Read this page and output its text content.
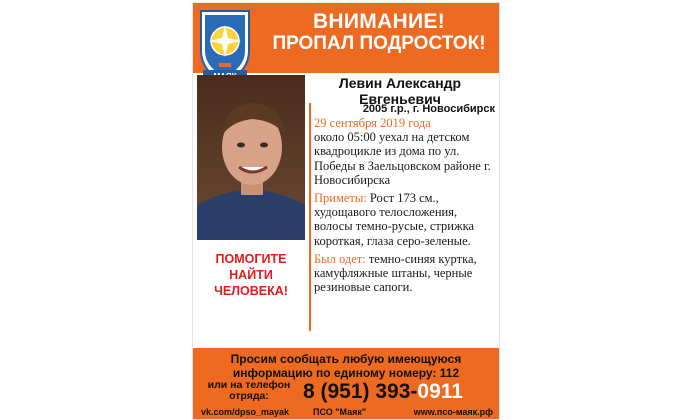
ВНИМАНИЕ!
ПРОПАЛ ПОДРОСТОК!
Левин Александр
Евгеньевич
2005 г.р., г. Новосибирск

29 сентября 2019 года
около 05:00 уехал на детском квадроцикле из дома по ул. Победы в Заельцовском районе г. Новосибирска

Приметы: Рост 173 см., худощавого телосложения, волосы темно-русые, стрижка короткая, глаза серо-зеленые.

Был одет: темно-синяя куртка, камуфляжные штаны, черные резиновые сапоги.

ПОМОГИТЕ
НАЙТИ
ЧЕЛОВЕКА!
Просим сообщать любую имеющуюся
информацию по единому номеру: 112
или на телефон
отряда:	8 (951) 393-0911
vk.com/dpso_mayak	ПСО "Маяк"	www.псо-маяк.рф
